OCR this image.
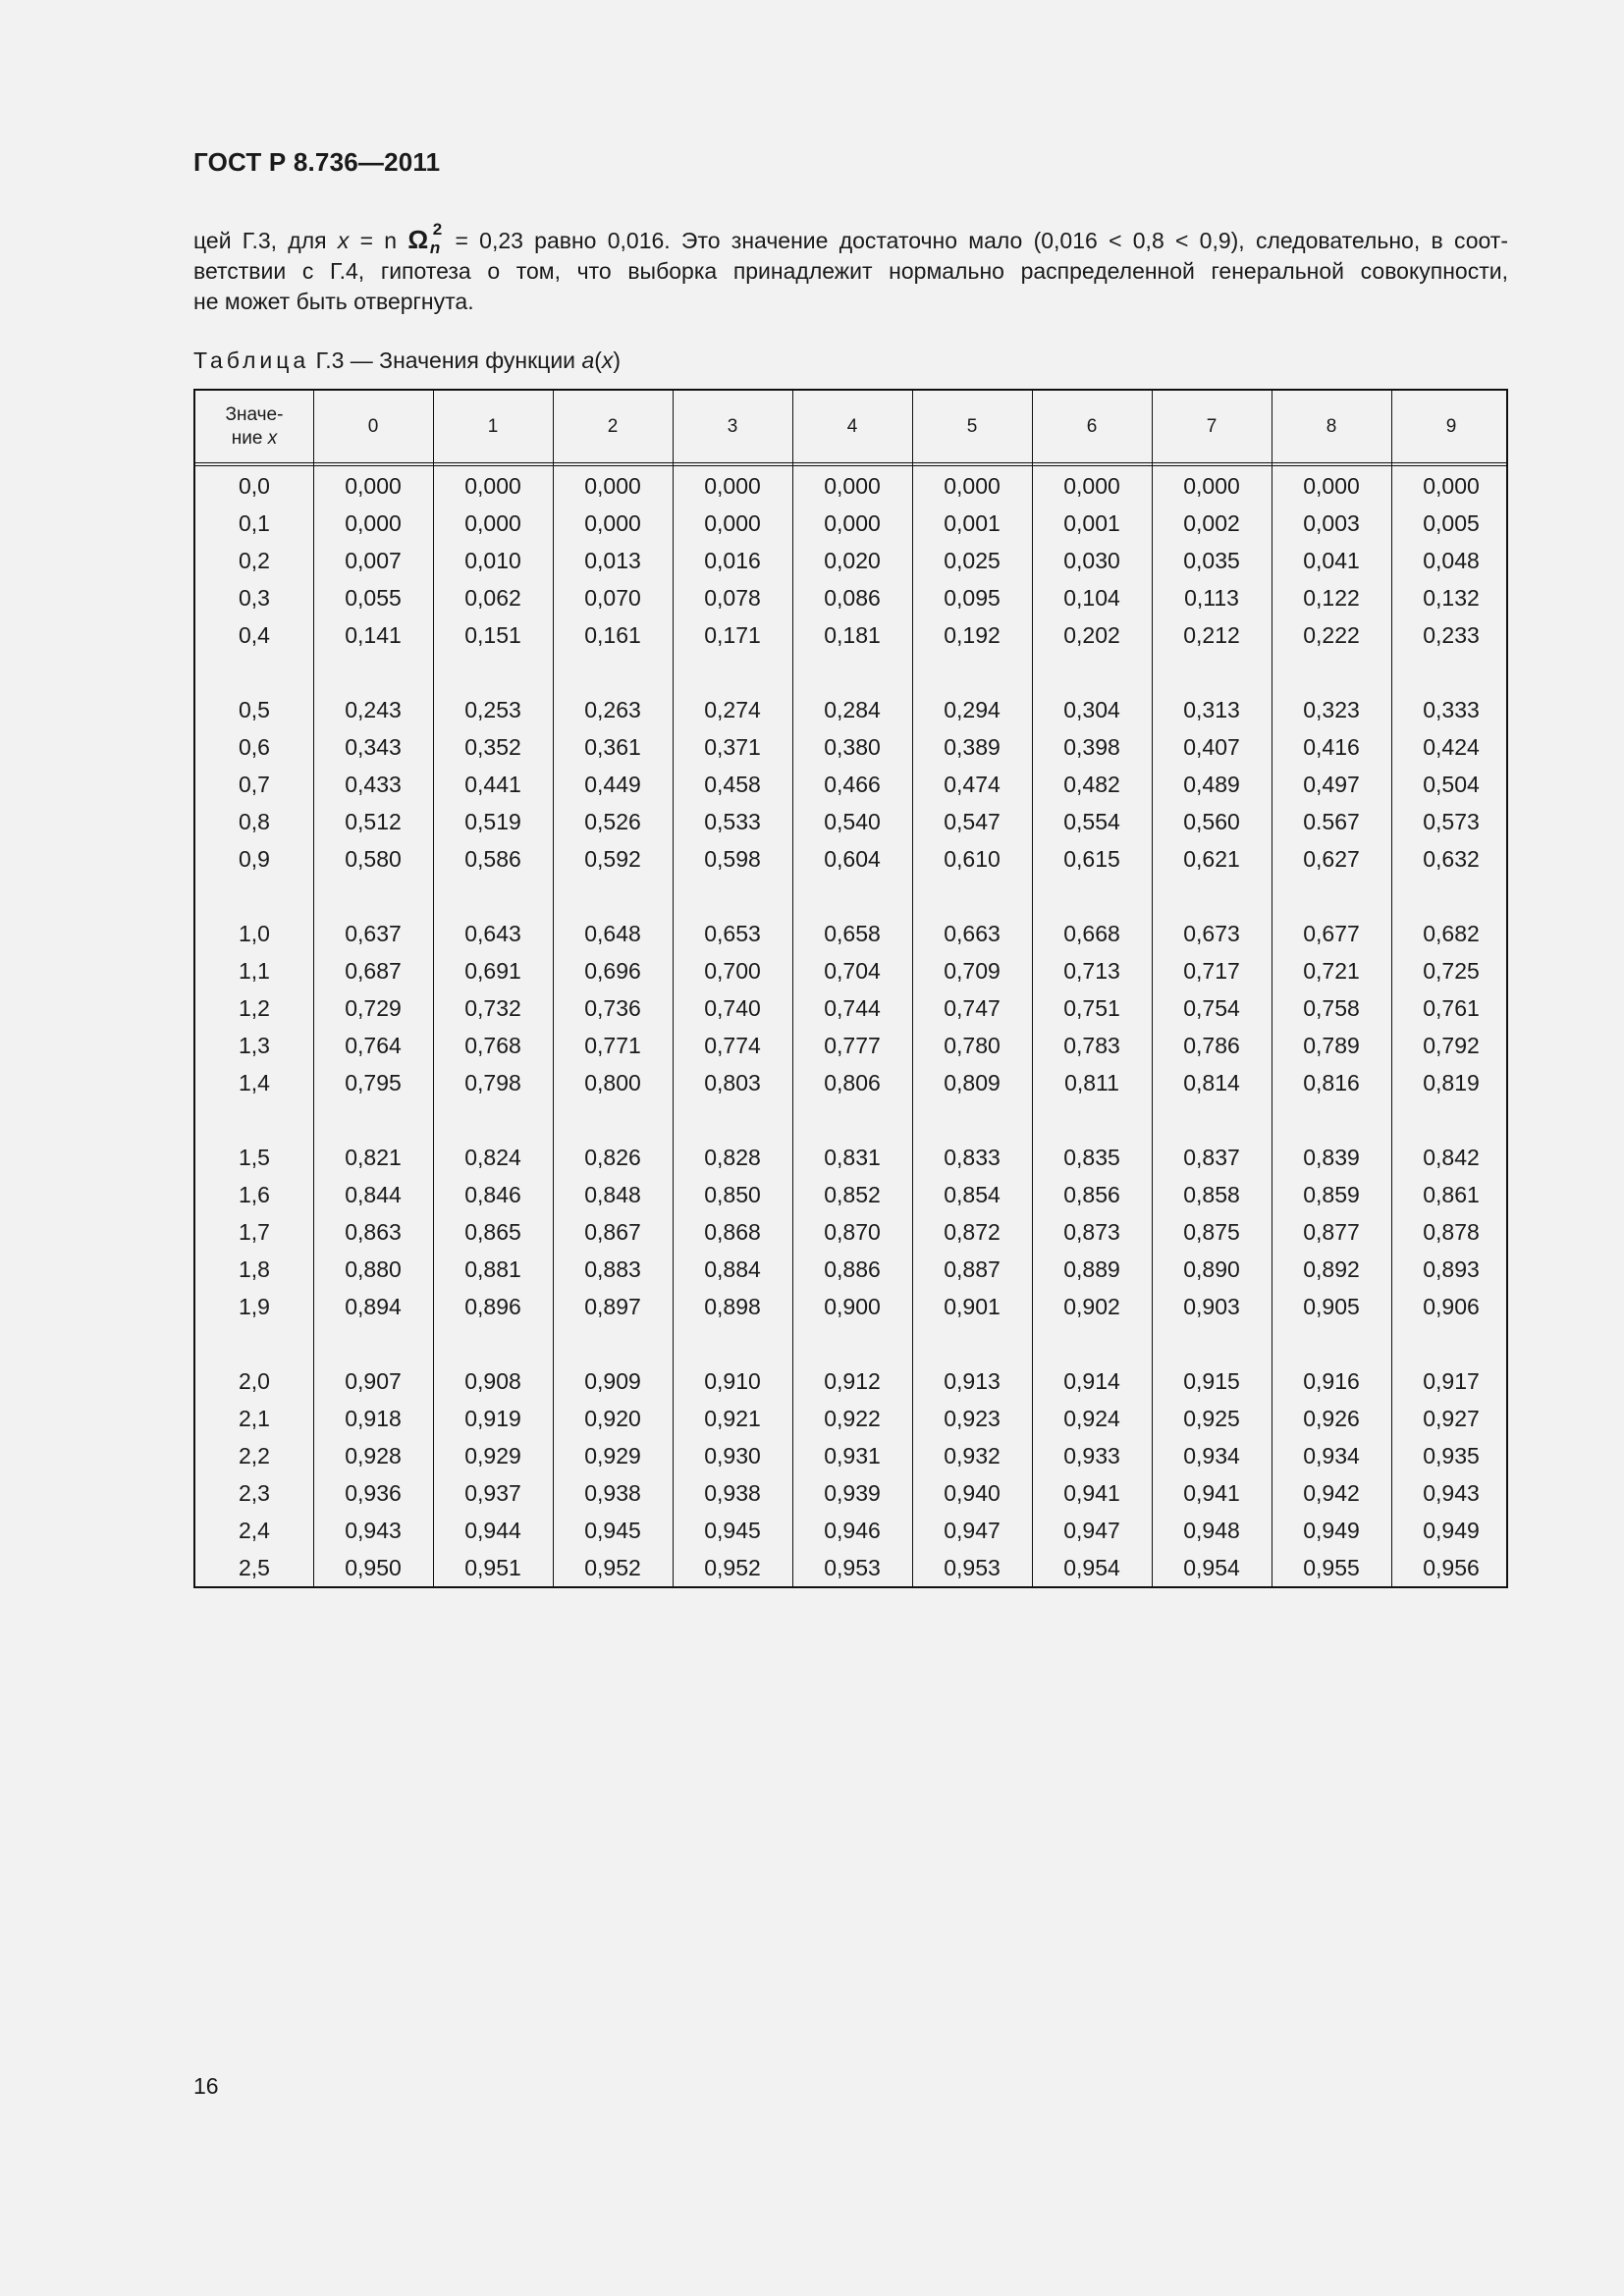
ГОСТ Р 8.736—2011
цей Г.3, для x = n Ω 2
n = 0,23 равно 0,016. Это значение достаточно мало (0,016 < 0,8 < 0,9), следовательно, в соот-
ветствии с Г.4, гипотеза о том, что выборка принадлежит нормально распределенной генеральной совокупности,
не может быть отвергнута.
Таблица Г.3 — Значения функции a(x)
Значе-
ние x
0	1	2	3	4	5	6	7	8	9
0,0	0,000	0,000	0,000	0,000	0,000	0,000	0,000	0,000	0,000	0,000
0,1	0,000	0,000	0,000	0,000	0,000	0,001	0,001	0,002	0,003	0,005
0,2	0,007	0,010	0,013	0,016	0,020	0,025	0,030	0,035	0,041	0,048
0,3	0,055	0,062	0,070	0,078	0,086	0,095	0,104	0,113	0,122	0,132
0,4	0,141	0,151	0,161	0,171	0,181	0,192	0,202	0,212	0,222	0,233
0,5	0,243	0,253	0,263	0,274	0,284	0,294	0,304	0,313	0,323	0,333
0,6	0,343	0,352	0,361	0,371	0,380	0,389	0,398	0,407	0,416	0,424
0,7	0,433	0,441	0,449	0,458	0,466	0,474	0,482	0,489	0,497	0,504
0,8	0,512	0,519	0,526	0,533	0,540	0,547	0,554	0,560	0.567	0,573
0,9	0,580	0,586	0,592	0,598	0,604	0,610	0,615	0,621	0,627	0,632
1,0	0,637	0,643	0,648	0,653	0,658	0,663	0,668	0,673	0,677	0,682
1,1	0,687	0,691	0,696	0,700	0,704	0,709	0,713	0,717	0,721	0,725
1,2	0,729	0,732	0,736	0,740	0,744	0,747	0,751	0,754	0,758	0,761
1,3	0,764	0,768	0,771	0,774	0,777	0,780	0,783	0,786	0,789	0,792
1,4	0,795	0,798	0,800	0,803	0,806	0,809	0,811	0,814	0,816	0,819
1,5	0,821	0,824	0,826	0,828	0,831	0,833	0,835	0,837	0,839	0,842
1,6	0,844	0,846	0,848	0,850	0,852	0,854	0,856	0,858	0,859	0,861
1,7	0,863	0,865	0,867	0,868	0,870	0,872	0,873	0,875	0,877	0,878
1,8	0,880	0,881	0,883	0,884	0,886	0,887	0,889	0,890	0,892	0,893
1,9	0,894	0,896	0,897	0,898	0,900	0,901	0,902	0,903	0,905	0,906
2,0	0,907	0,908	0,909	0,910	0,912	0,913	0,914	0,915	0,916	0,917
2,1	0,918	0,919	0,920	0,921	0,922	0,923	0,924	0,925	0,926	0,927
2,2	0,928	0,929	0,929	0,930	0,931	0,932	0,933	0,934	0,934	0,935
2,3	0,936	0,937	0,938	0,938	0,939	0,940	0,941	0,941	0,942	0,943
2,4	0,943	0,944	0,945	0,945	0,946	0,947	0,947	0,948	0,949	0,949
2,5	0,950	0,951	0,952	0,952	0,953	0,953	0,954	0,954	0,955	0,956
16
